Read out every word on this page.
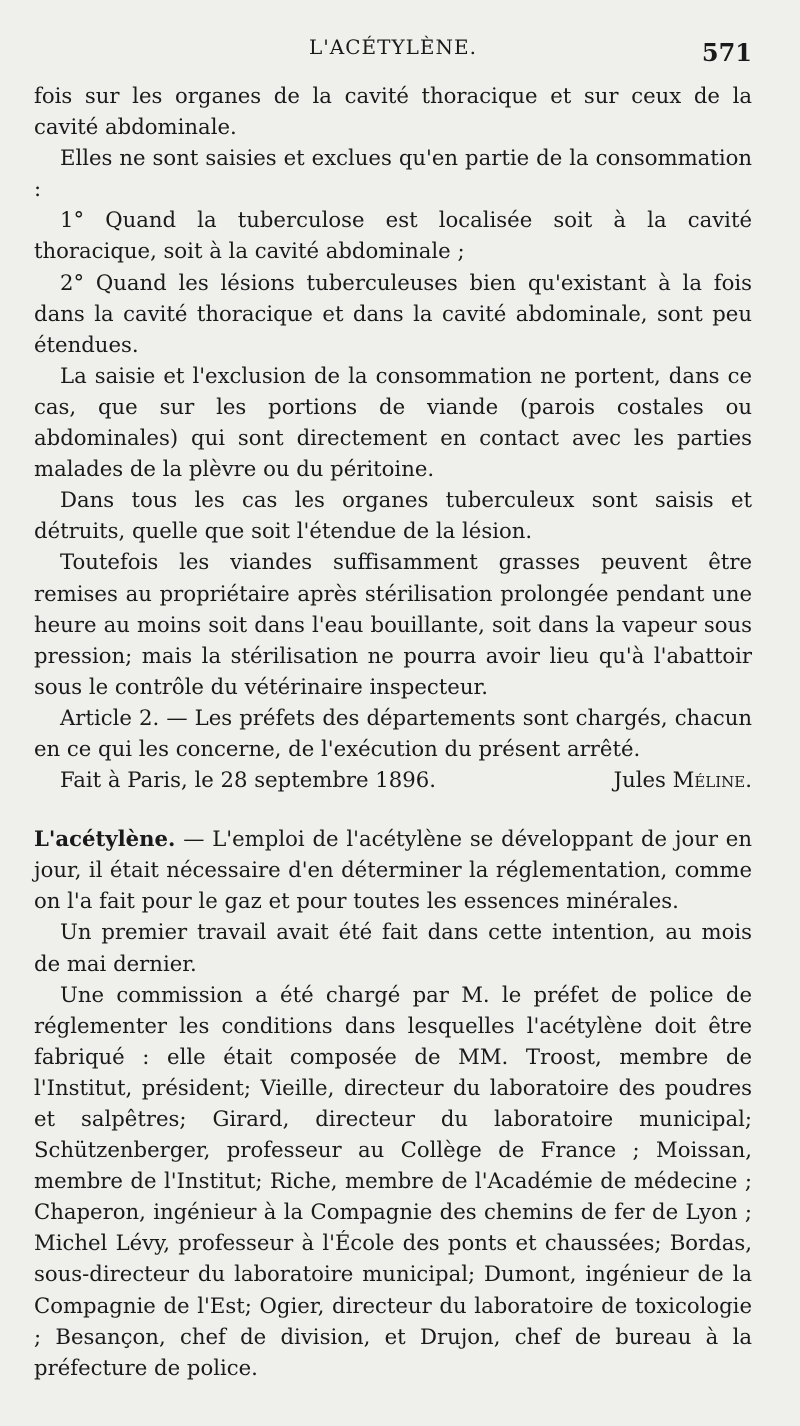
L'ACÉTYLÈNE.	571

fois sur les organes de la cavité thoracique et sur ceux de la cavité abdominale.

Elles ne sont saisies et exclues qu'en partie de la consommation :

1° Quand la tuberculose est localisée soit à la cavité thoracique, soit à la cavité abdominale ;

2° Quand les lésions tuberculeuses bien qu'existant à la fois dans la cavité thoracique et dans la cavité abdominale, sont peu étendues.

La saisie et l'exclusion de la consommation ne portent, dans ce cas, que sur les portions de viande (parois costales ou abdominales) qui sont directement en contact avec les parties malades de la plèvre ou du péritoine.

Dans tous les cas les organes tuberculeux sont saisis et détruits, quelle que soit l'étendue de la lésion.

Toutefois les viandes suffisamment grasses peuvent être remises au propriétaire après stérilisation prolongée pendant une heure au moins soit dans l'eau bouillante, soit dans la vapeur sous pression; mais la stérilisation ne pourra avoir lieu qu'à l'abattoir sous le contrôle du vétérinaire inspecteur.

Article 2. — Les préfets des départements sont chargés, chacun en ce qui les concerne, de l'exécution du présent arrêté.

Fait à Paris, le 28 septembre 1896.	Jules Méline.

L'acétylène. — L'emploi de l'acétylène se développant de jour en jour, il était nécessaire d'en déterminer la réglementation, comme on l'a fait pour le gaz et pour toutes les essences minérales.

Un premier travail avait été fait dans cette intention, au mois de mai dernier.

Une commission a été chargé par M. le préfet de police de réglementer les conditions dans lesquelles l'acétylène doit être fabriqué : elle était composée de MM. Troost, membre de l'Institut, président; Vieille, directeur du laboratoire des poudres et salpêtres; Girard, directeur du laboratoire municipal; Schützenberger, professeur au Collège de France ; Moissan, membre de l'Institut; Riche, membre de l'Académie de médecine ; Chaperon, ingénieur à la Compagnie des chemins de fer de Lyon ; Michel Lévy, professeur à l'École des ponts et chaussées; Bordas, sous-directeur du laboratoire municipal; Dumont, ingénieur de la Compagnie de l'Est; Ogier, directeur du laboratoire de toxicologie ; Besançon, chef de division, et Drujon, chef de bureau à la préfecture de police.
